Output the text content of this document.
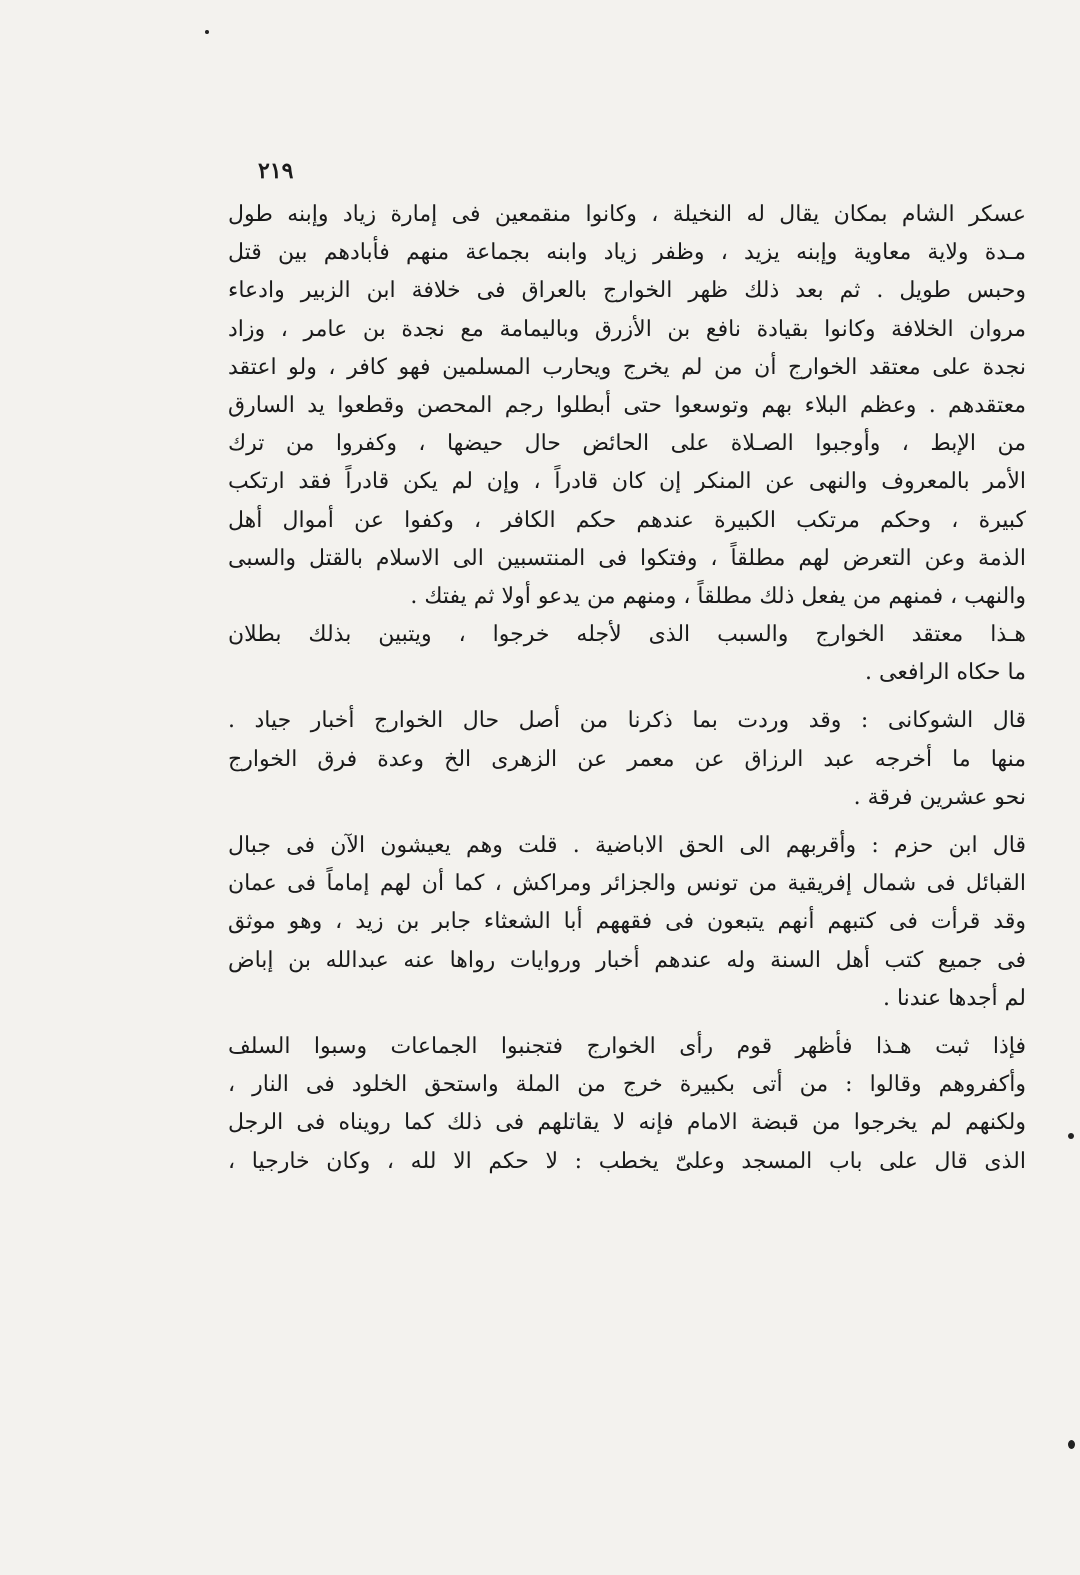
٢١٩
عسكر الشام بمكان يقال له النخيلة ، وكانوا منقمعين فى إمارة زياد وإبنه طول
مـدة ولاية معاوية وإبنه يزيد ، وظفر زياد وابنه بجماعة منهم فأبادهم بين قتل
وحبس طويل . ثم بعد ذلك ظهر الخوارج بالعراق فى خلافة ابن الزبير وادعاء
مروان الخلافة وكانوا بقيادة نافع بن الأزرق وباليمامة مع نجدة بن عامر ، وزاد
نجدة على معتقد الخوارج أن من لم يخرج ويحارب المسلمين فهو كافر ، ولو اعتقد
معتقدهم . وعظم البلاء بهم وتوسعوا حتى أبطلوا رجم المحصن وقطعوا يد السارق
من الإبط ، وأوجبوا الصـلاة على الحائض حال حيضها ، وكفروا من ترك
الأمر بالمعروف والنهى عن المنكر إن كان قادراً ، وإن لم يكن قادراً فقد ارتكب
كبيرة ، وحكم مرتكب الكبيرة عندهم حكم الكافر ، وكفوا عن أموال أهل
الذمة وعن التعرض لهم مطلقاً ، وفتكوا فى المنتسبين الى الاسلام بالقتل والسبى
والنهب ، فمنهم من يفعل ذلك مطلقاً ، ومنهم من يدعو أولا ثم يفتك .
هـذا معتقد الخوارج والسبب الذى لأجله خرجوا ، ويتبين بذلك بطلان
ما حكاه الرافعى .
قال الشوكانى : وقد وردت بما ذكرنا من أصل حال الخوارج أخبار جياد .
منها ما أخرجه عبد الرزاق عن معمر عن الزهرى الخ وعدة فرق الخوارج
نحو عشرين فرقة .
قال ابن حزم : وأقربهم الى الحق الاباضية . قلت وهم يعيشون الآن فى جبال
القبائل فى شمال إفريقية من تونس والجزائر ومراكش ، كما أن لهم إماماً فى عمان
وقد قرأت فى كتبهم أنهم يتبعون فى فقههم أبا الشعثاء جابر بن زيد ، وهو موثق
فى جميع كتب أهل السنة وله عندهم أخبار وروايات رواها عنه عبدالله بن إباض
لم أجدها عندنا .
فإذا ثبت هـذا فأظهر قوم رأى الخوارج فتجنبوا الجماعات وسبوا السلف
وأكفروهم وقالوا : من أتى بكبيرة خرج من الملة واستحق الخلود فى النار ،
ولكنهم لم يخرجوا من قبضة الامام فإنه لا يقاتلهم فى ذلك كما رويناه فى الرجل
الذى قال على باب المسجد وعلىّ يخطب : لا حكم الا لله ، وكان خارجيا ،
